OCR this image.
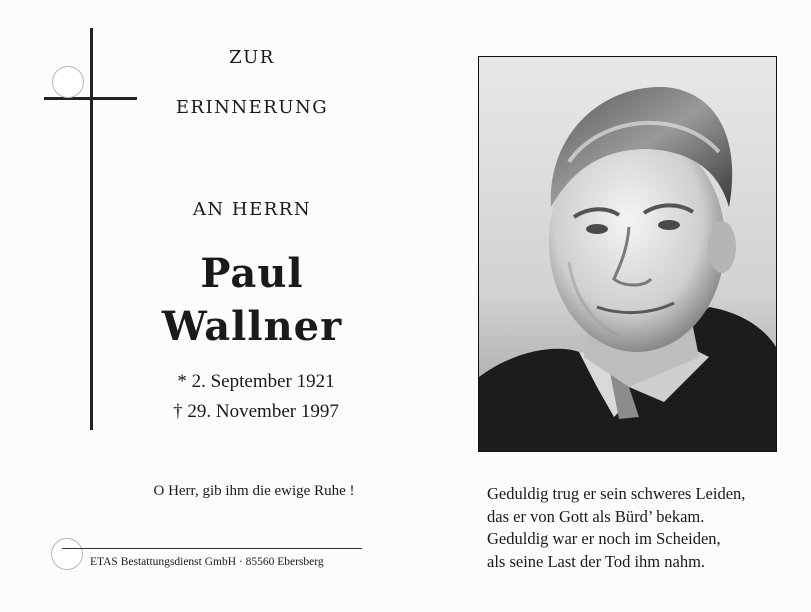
ZUR
ERINNERUNG
AN HERRN
Paul
Wallner
* 2. September 1921
† 29. November 1997
O Herr, gib ihm die ewige Ruhe !
ETAS Bestattungsdienst GmbH · 85560 Ebersberg
Geduldig trug er sein schweres Leiden,
das er von Gott als Bürd’ bekam.
Geduldig war er noch im Scheiden,
als seine Last der Tod ihm nahm.
